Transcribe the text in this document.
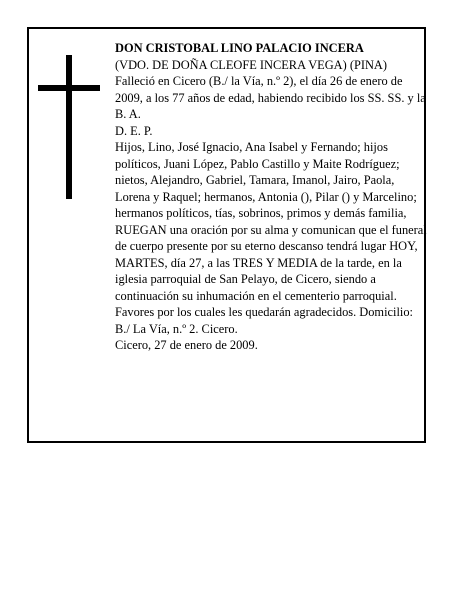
DON CRISTOBAL LINO PALACIO INCERA

(VDO. DE DOÑA CLEOFE INCERA VEGA) (PINA)

Falleció en Cicero (B./ la Vía, n.º 2), el día 26 de enero de 2009, a los 77 años de edad, habiendo recibido los SS. SS. y la B. A.

D. E. P.

Hijos, Lino, José Ignacio, Ana Isabel y Fernando; hijos políticos, Juani López, Pablo Castillo y Maite Rodríguez; nietos, Alejandro, Gabriel, Tamara, Imanol, Jairo, Paola, Lorena y Raquel; hermanos, Antonia (), Pilar () y Marcelino; hermanos políticos, tías, sobrinos, primos y demás familia,

RUEGAN una oración por su alma y comunican que el funeral de cuerpo presente por su eterno descanso tendrá lugar HOY, MARTES, día 27, a las TRES Y MEDIA de la tarde, en la iglesia parroquial de San Pelayo, de Cicero, siendo a continuación su inhumación en el cementerio parroquial. Favores por los cuales les quedarán agradecidos. Domicilio: B./ La Vía, n.º 2. Cicero.

Cicero, 27 de enero de 2009.
